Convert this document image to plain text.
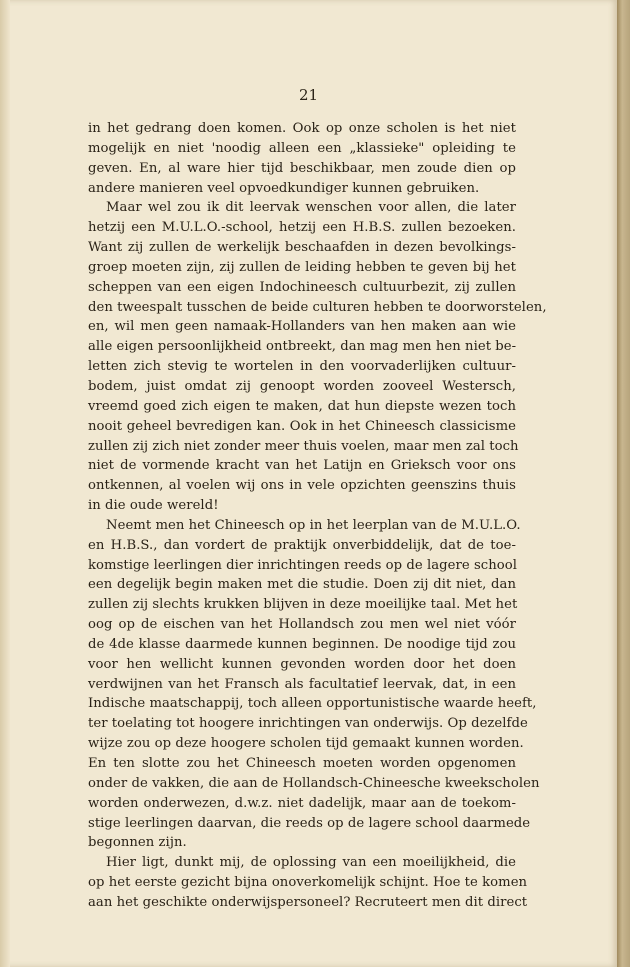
21
in het gedrang doen komen. Ook op onze scholen is het niet
mogelijk en niet 'noodig alleen een „klassieke" opleiding te
geven. En, al ware hier tijd beschikbaar, men zoude dien op
andere manieren veel opvoedkundiger kunnen gebruiken.
Maar wel zou ik dit leervak wenschen voor allen, die later
hetzij een M.U.L.O.-school, hetzij een H.B.S. zullen bezoeken.
Want zij zullen de werkelijk beschaafden in dezen bevolkings-
groep moeten zijn, zij zullen de leiding hebben te geven bij het
scheppen van een eigen Indochineesch cultuurbezit, zij zullen
den tweespalt tusschen de beide culturen hebben te doorworstelen,
en, wil men geen namaak-Hollanders van hen maken aan wie
alle eigen persoonlijkheid ontbreekt, dan mag men hen niet be-
letten zich stevig te wortelen in den voorvaderlijken cultuur-
bodem, juist omdat zij genoopt worden zooveel Westersch,
vreemd goed zich eigen te maken, dat hun diepste wezen toch
nooit geheel bevredigen kan. Ook in het Chineesch classicisme
zullen zij zich niet zonder meer thuis voelen, maar men zal toch
niet de vormende kracht van het Latijn en Grieksch voor ons
ontkennen, al voelen wij ons in vele opzichten geenszins thuis
in die oude wereld!
Neemt men het Chineesch op in het leerplan van de M.U.L.O.
en H.B.S., dan vordert de praktijk onverbiddelijk, dat de toe-
komstige leerlingen dier inrichtingen reeds op de lagere school
een degelijk begin maken met die studie. Doen zij dit niet, dan
zullen zij slechts krukken blijven in deze moeilijke taal. Met het
oog op de eischen van het Hollandsch zou men wel niet vóór
de 4de klasse daarmede kunnen beginnen. De noodige tijd zou
voor hen wellicht kunnen gevonden worden door het doen
verdwijnen van het Fransch als facultatief leervak, dat, in een
Indische maatschappij, toch alleen opportunistische waarde heeft,
ter toelating tot hoogere inrichtingen van onderwijs. Op dezelfde
wijze zou op deze hoogere scholen tijd gemaakt kunnen worden.
En ten slotte zou het Chineesch moeten worden opgenomen
onder de vakken, die aan de Hollandsch-Chineesche kweekscholen
worden onderwezen, d.w.z. niet dadelijk, maar aan de toekom-
stige leerlingen daarvan, die reeds op de lagere school daarmede
begonnen zijn.
Hier ligt, dunkt mij, de oplossing van een moeilijkheid, die
op het eerste gezicht bijna onoverkomelijk schijnt. Hoe te komen
aan het geschikte onderwijspersoneel? Recruteert men dit direct
